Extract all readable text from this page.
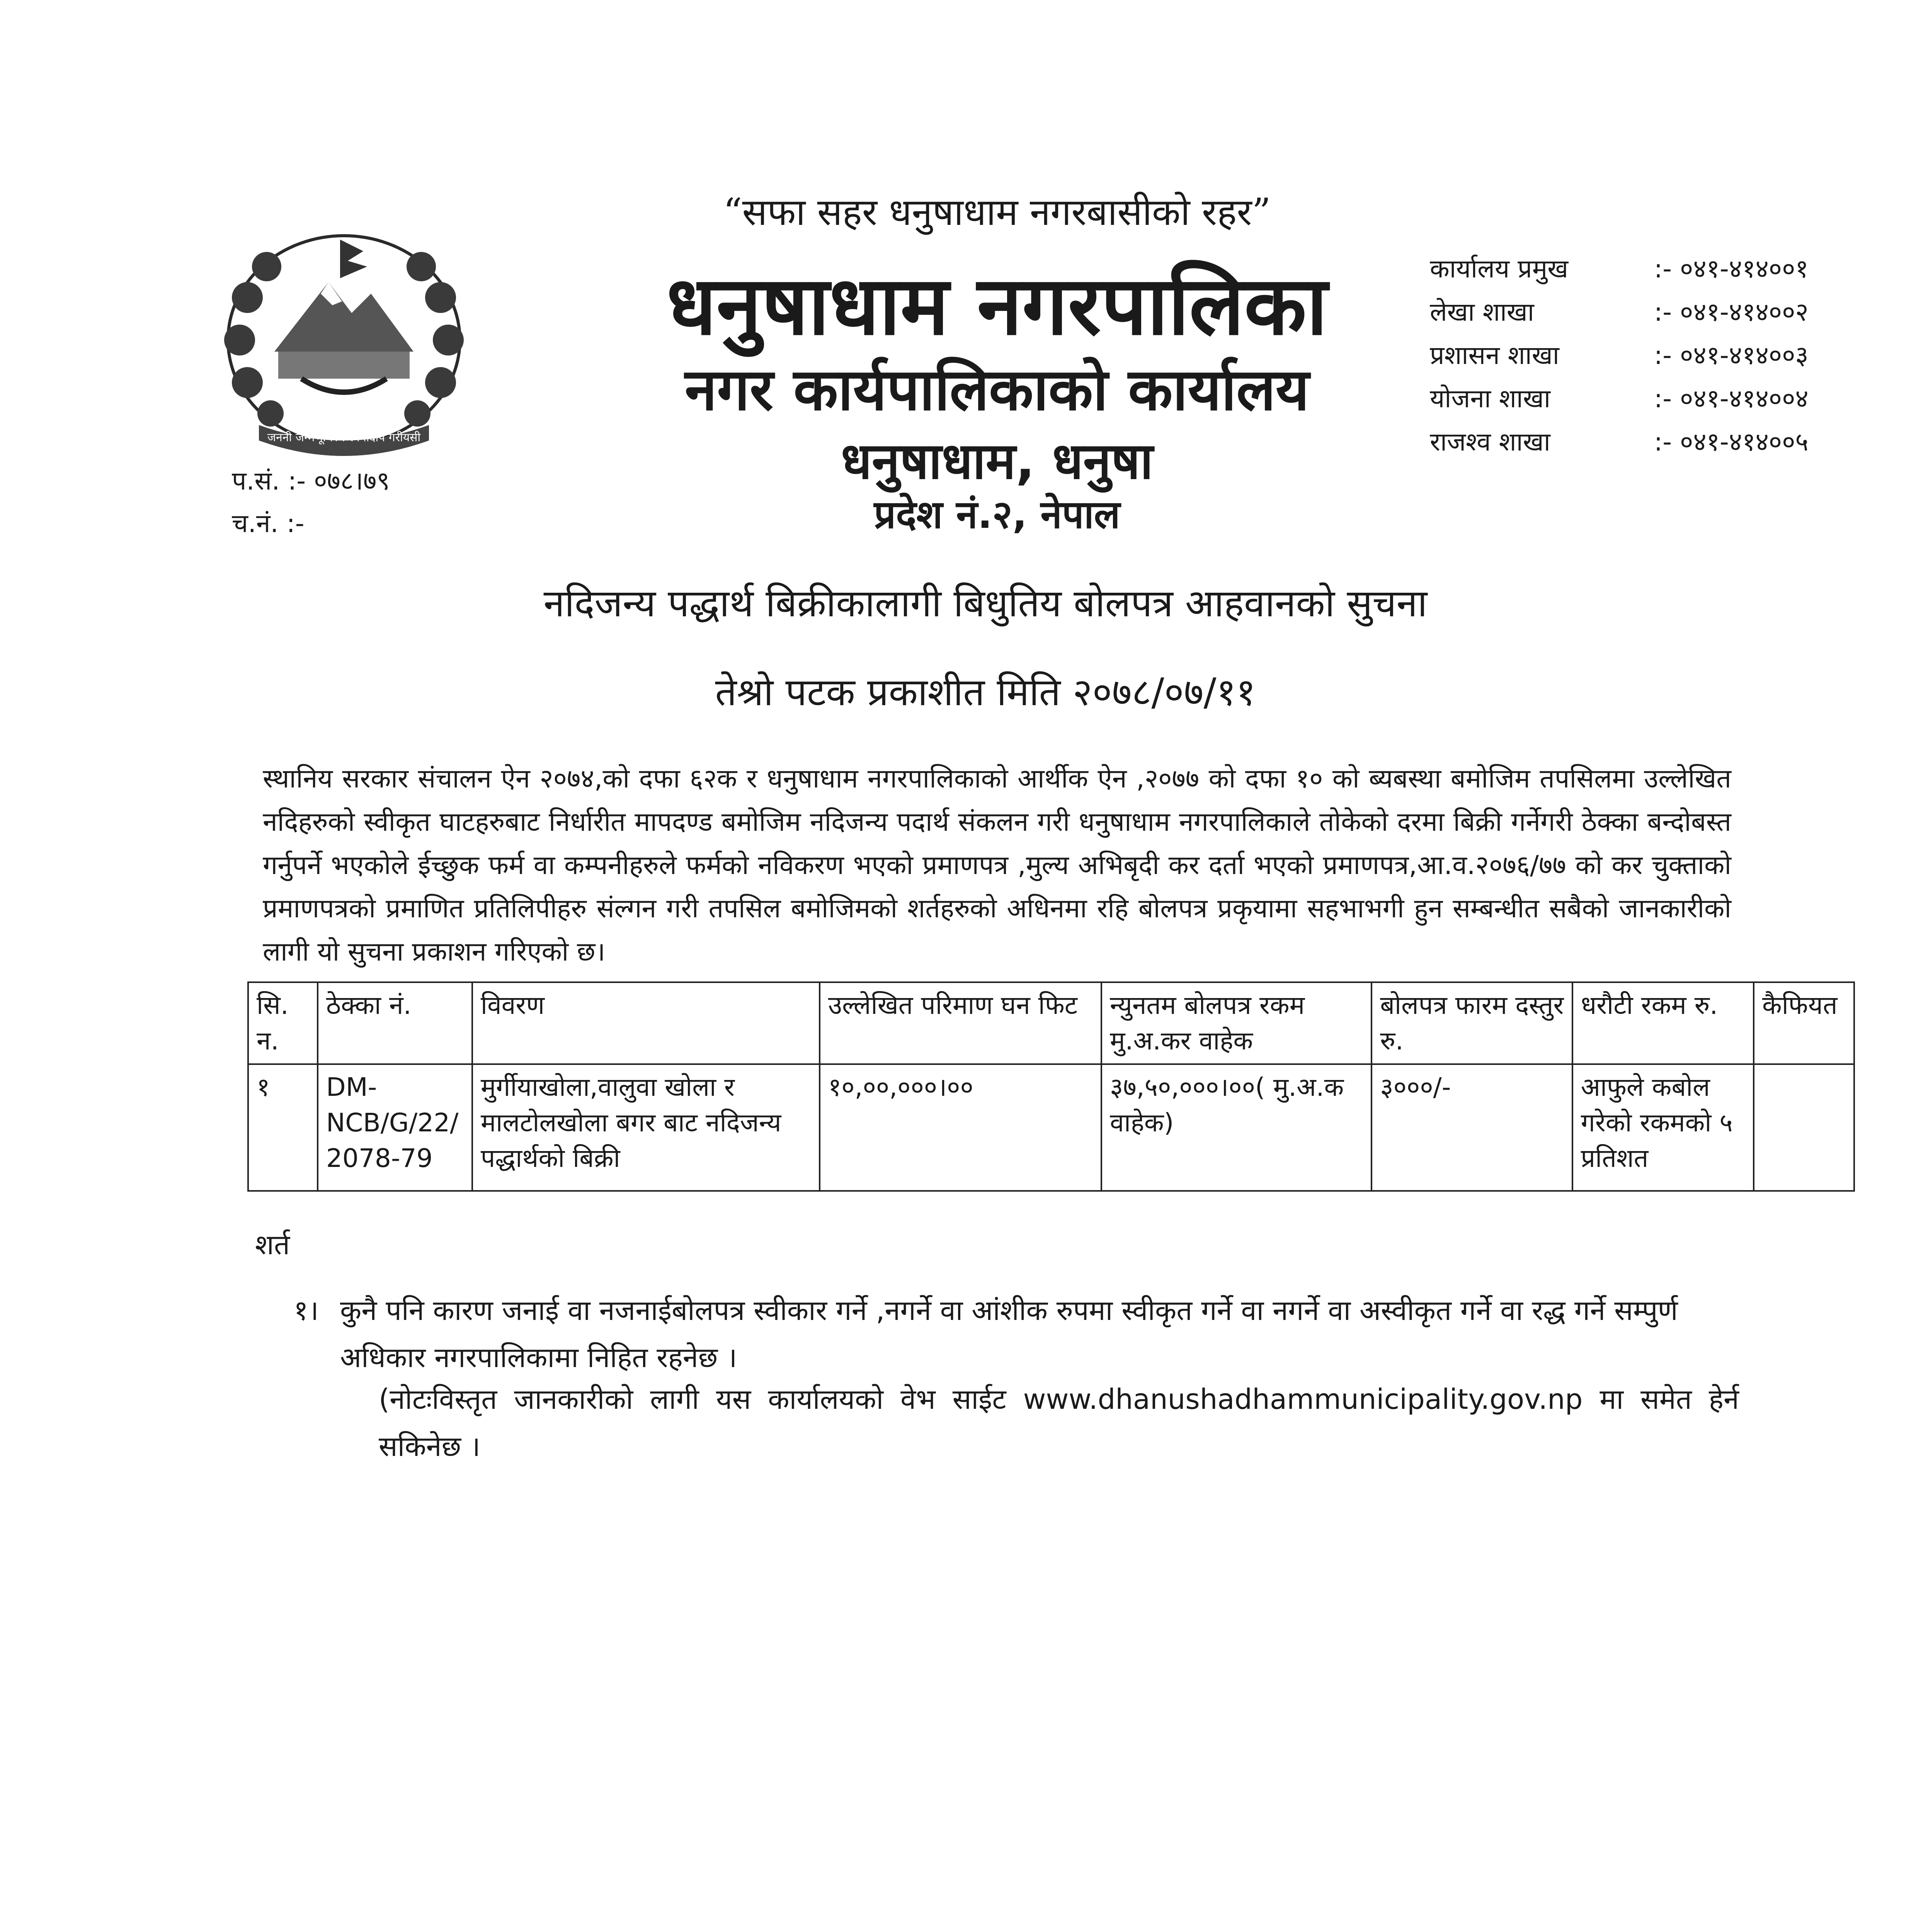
जननी जन्मभूमिश्च स्वर्गादपि गरीयसी
“सफा सहर धनुषाधाम नगरबासीको रहर”
धनुषाधाम नगरपालिका
नगर कार्यपालिकाको कार्यालय
धनुषाधाम, धनुषा
प्रदेश नं.२, नेपाल
प.सं. :- ०७८।७९
च.नं. :-
कार्यालय प्रमुख	:- ०४१-४१४००१
लेखा शाखा	:- ०४१-४१४००२
प्रशासन शाखा	:- ०४१-४१४००३
योजना शाखा	:- ०४१-४१४००४
राजश्व शाखा	:- ०४१-४१४००५
नदिजन्य पद्धार्थ बिक्रीकालागी बिधुतिय बोलपत्र आहवानको सुचना
तेश्रो पटक प्रकाशीत मिति २०७८/०७/११
स्थानिय सरकार संचालन ऐन २०७४,को दफा ६२क र धनुषाधाम नगरपालिकाको आर्थीक ऐन ,२०७७ को दफा १० को ब्यबस्था बमोजिम तपसिलमा उल्लेखित नदिहरुको स्वीकृत घाटहरुबाट निर्धारीत मापदण्ड बमोजिम नदिजन्य पदार्थ संकलन गरी धनुषाधाम नगरपालिकाले तोकेको दरमा बिक्री गर्नेगरी ठेक्का बन्दोबस्त गर्नुपर्ने भएकोले ईच्छुक फर्म वा कम्पनीहरुले फर्मको नविकरण भएको प्रमाणपत्र ,मुल्य अभिबृदी कर दर्ता भएको प्रमाणपत्र,आ.व.२०७६/७७ को कर चुक्ताको प्रमाणपत्रको प्रमाणित प्रतिलिपीहरु संल्गन गरी तपसिल बमोजिमको शर्तहरुको अधिनमा रहि बोलपत्र प्रकृयामा सहभाभगी हुन सम्बन्धीत सबैको जानकारीको लागी यो सुचना प्रकाशन गरिएको छ।
सि. न.	ठेक्का नं.	विवरण	उल्लेखित परिमाण घन फिट	न्युनतम बोलपत्र रकम मु.अ.कर वाहेक	बोलपत्र फारम दस्तुर रु.	धरौटी रकम रु.	कैफियत
१	DM-NCB/G/22/ 2078-79	मुर्गीयाखोला,वालुवा खोला र मालटोलखोला बगर बाट नदिजन्य पद्धार्थको बिक्री	१०,००,०००।००	३७,५०,०००।००( मु.अ.क वाहेक)	३०००/-	आफुले कबोल गरेको रकमको ५ प्रतिशत	
शर्त
१। कुनै पनि कारण जनाई वा नजनाईबोलपत्र स्वीकार गर्ने ,नगर्ने वा आंशीक रुपमा स्वीकृत गर्ने वा नगर्ने वा अस्वीकृत गर्ने वा रद्ध गर्ने सम्पुर्ण अधिकार नगरपालिकामा निहित रहनेछ ।
(नोटःविस्तृत जानकारीको लागी यस कार्यालयको वेभ साईट www.dhanushadhammunicipality.gov.np मा समेत हेर्न सकिनेछ ।
